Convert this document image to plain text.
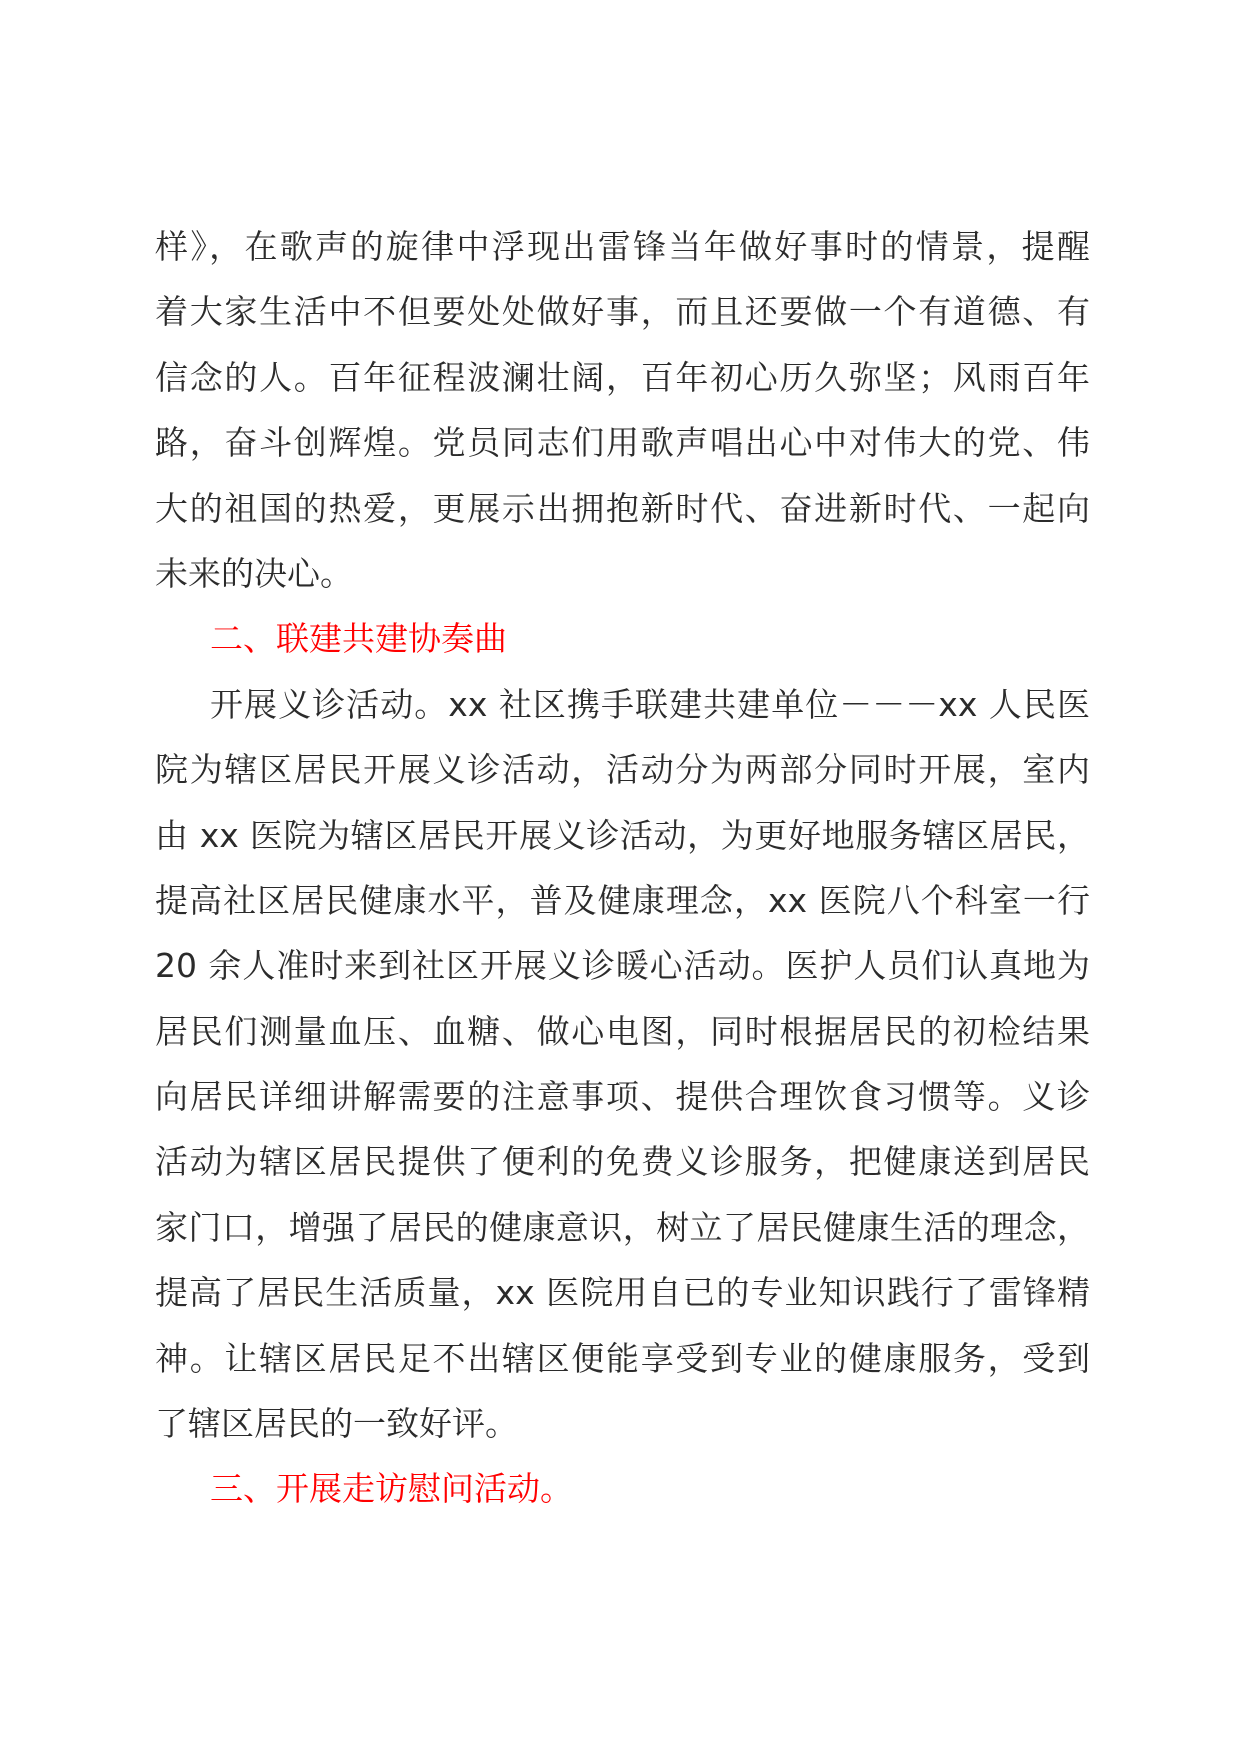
样》，在歌声的旋律中浮现出雷锋当年做好事时的情景，提醒
着大家生活中不但要处处做好事，而且还要做一个有道德、有
信念的人。百年征程波澜壮阔，百年初心历久弥坚；风雨百年
路，奋斗创辉煌。党员同志们用歌声唱出心中对伟大的党、伟
大的祖国的热爱，更展示出拥抱新时代、奋进新时代、一起向
未来的决心。
二、联建共建协奏曲
开展义诊活动。xx 社区携手联建共建单位－－－xx 人民医
院为辖区居民开展义诊活动，活动分为两部分同时开展，室内
由 xx 医院为辖区居民开展义诊活动，为更好地服务辖区居民，
提高社区居民健康水平，普及健康理念，xx 医院八个科室一行
20 余人准时来到社区开展义诊暖心活动。医护人员们认真地为
居民们测量血压、血糖、做心电图，同时根据居民的初检结果
向居民详细讲解需要的注意事项、提供合理饮食习惯等。义诊
活动为辖区居民提供了便利的免费义诊服务，把健康送到居民
家门口，增强了居民的健康意识，树立了居民健康生活的理念，
提高了居民生活质量，xx 医院用自已的专业知识践行了雷锋精
神。让辖区居民足不出辖区便能享受到专业的健康服务，受到
了辖区居民的一致好评。
三、开展走访慰问活动。
